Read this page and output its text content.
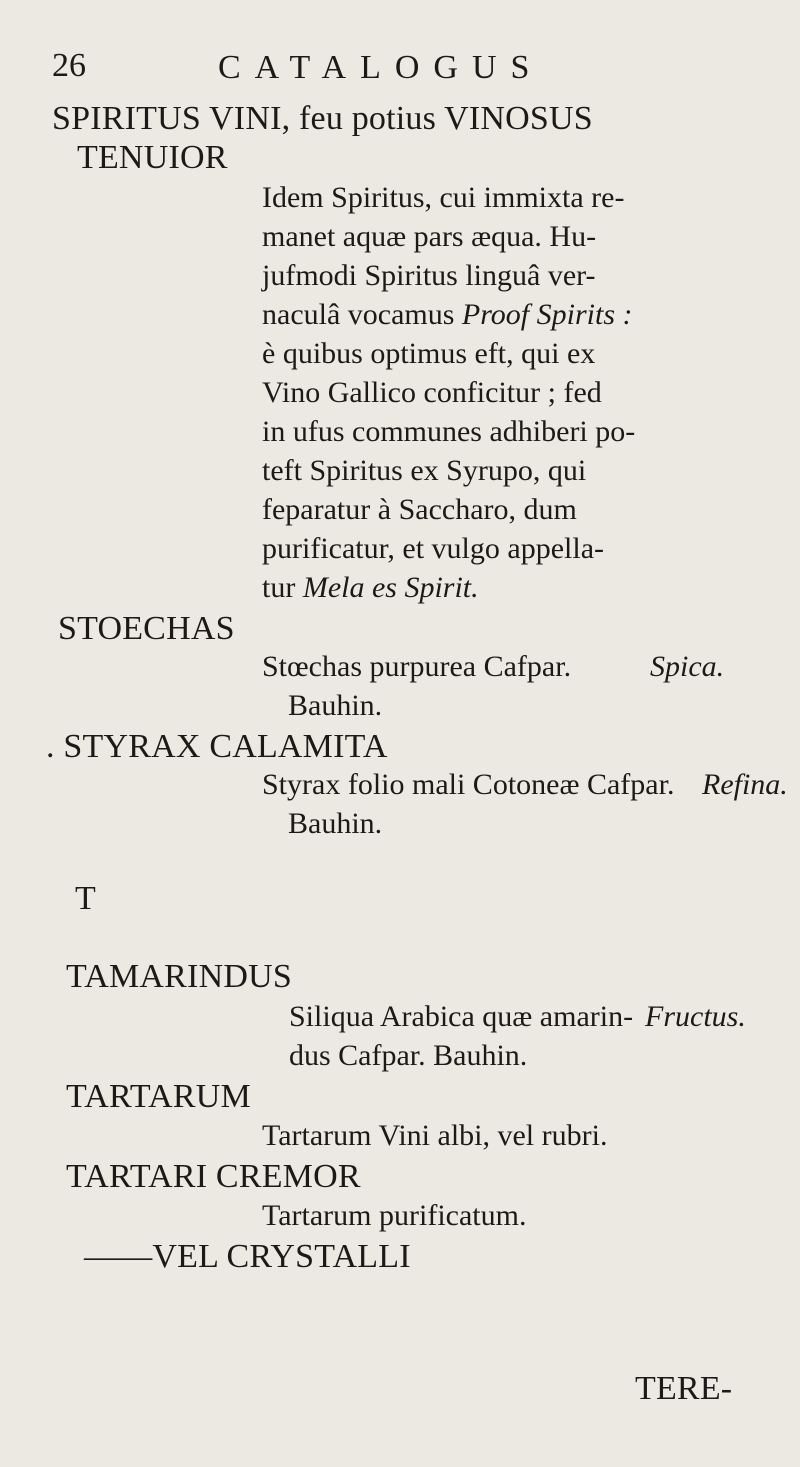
26	CATALOGUS
SPIRITUS VINI, feu potius VINOSUS
TENUIOR
Idem Spiritus, cui immixta re-
manet aquæ pars æqua. Hu-
jufmodi Spiritus linguâ ver-
naculâ vocamus Proof Spirits :
è quibus optimus eft, qui ex
Vino Gallico conficitur ; fed
in ufus communes adhiberi po-
teft Spiritus ex Syrupo, qui
feparatur à Saccharo, dum
purificatur, et vulgo appella-
tur Mela es Spirit.
STOECHAS
Stœchas purpurea Cafpar.	Spica.
Bauhin.
. STYRAX CALAMITA
Styrax folio mali Cotoneæ Cafpar. Refina.
Bauhin.
T
TAMARINDUS
Siliqua Arabica quæ amarin- Fructus.
dus Cafpar. Bauhin.
TARTARUM
Tartarum Vini albi, vel rubri.
TARTARI CREMOR
Tartarum purificatum.
——VEL CRYSTALLI
TERE-
